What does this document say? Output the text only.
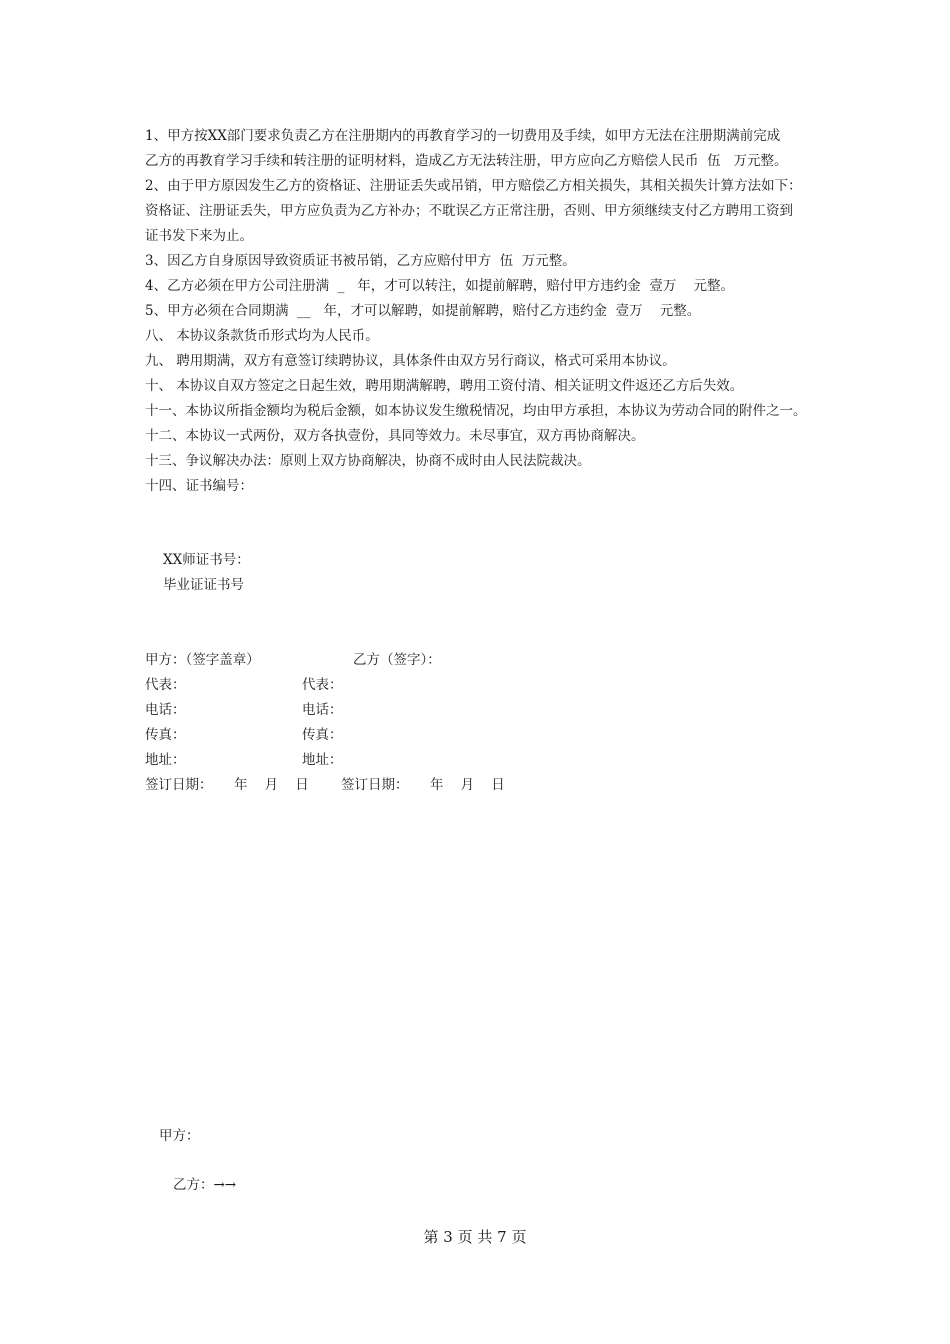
1、甲方按XX部门要求负责乙方在注册期内的再教育学习的一切费用及手续，如甲方无法在注册期满前完成
乙方的再教育学习手续和转注册的证明材料，造成乙方无法转注册，甲方应向乙方赔偿人民币  伍   万元整。
2、由于甲方原因发生乙方的资格证、注册证丢失或吊销，甲方赔偿乙方相关损失，其相关损失计算方法如下：
资格证、注册证丢失，甲方应负责为乙方补办；不耽误乙方正常注册，否则、甲方须继续支付乙方聘用工资到
证书发下来为止。
3、因乙方自身原因导致资质证书被吊销，乙方应赔付甲方  伍  万元整。
4、乙方必须在甲方公司注册满  _   年，才可以转注，如提前解聘，赔付甲方违约金  壹万    元整。
5、甲方必须在合同期满  __   年，才可以解聘，如提前解聘，赔付乙方违约金  壹万    元整。
八、 本协议条款货币形式均为人民币。
九、 聘用期满，双方有意签订续聘协议，具体条件由双方另行商议，格式可采用本协议。
十、 本协议自双方签定之日起生效，聘用期满解聘，聘用工资付清、相关证明文件返还乙方后失效。
十一、本协议所指金额均为税后金额，如本协议发生缴税情况，均由甲方承担，本协议为劳动合同的附件之一。
十二、本协议一式两份，双方各执壹份，具同等效力。未尽事宜，双方再协商解决。
十三、争议解决办法：原则上双方协商解决，协商不成时由人民法院裁决。
十四、证书编号：
XX师证书号：
毕业证证书号
甲方：（签字盖章）	乙方（签字）：
代表：	代表：
电话：	电话：
传真：	传真：
地址：	地址：
签订日期：     年    月    日 签订日期：     年    月    日
甲方：
乙方：→→
第 3 页 共 7 页
